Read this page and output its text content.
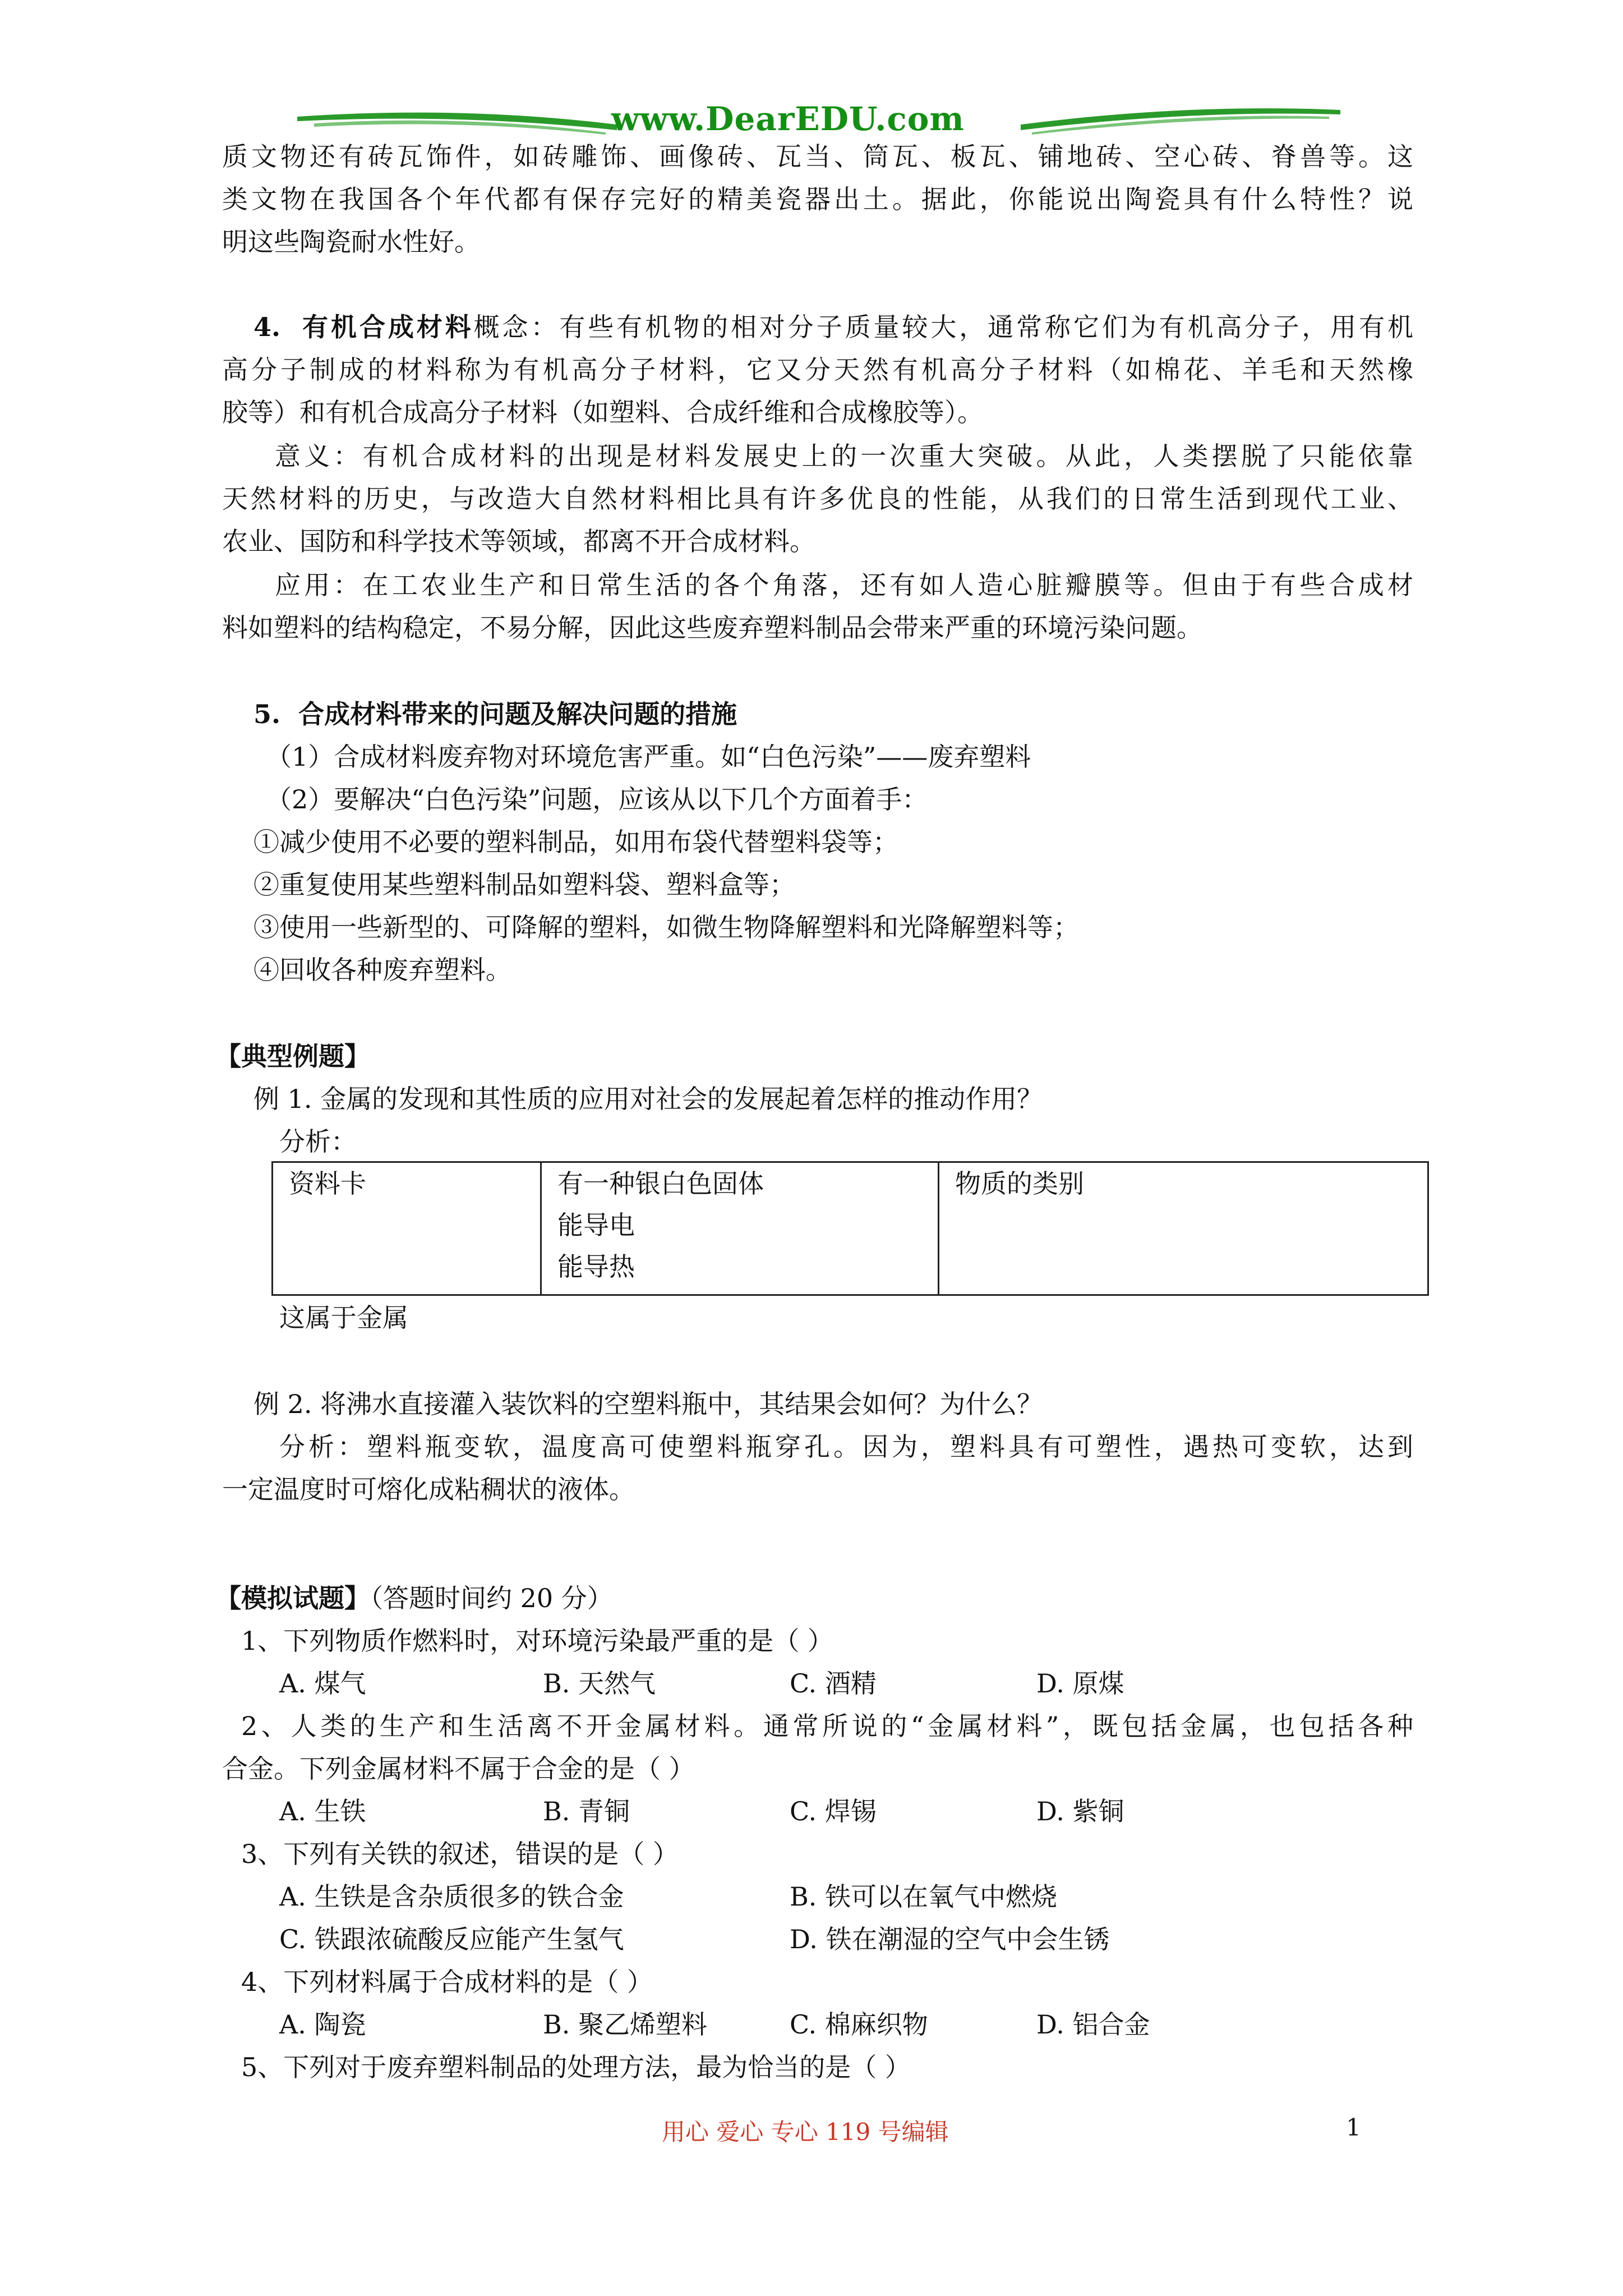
www.DearEDU.com
质文物还有砖瓦饰件，如砖雕饰、画像砖、瓦当、筒瓦、板瓦、铺地砖、空心砖、脊兽等。这
类文物在我国各个年代都有保存完好的精美瓷器出土。据此，你能说出陶瓷具有什么特性？说
明这些陶瓷耐水性好。
4. 有机合成材料概念：有些有机物的相对分子质量较大，通常称它们为有机高分子，用有机
高分子制成的材料称为有机高分子材料，它又分天然有机高分子材料（如棉花、羊毛和天然橡
胶等）和有机合成高分子材料（如塑料、合成纤维和合成橡胶等）。
意义：有机合成材料的出现是材料发展史上的一次重大突破。从此，人类摆脱了只能依靠
天然材料的历史，与改造大自然材料相比具有许多优良的性能，从我们的日常生活到现代工业、
农业、国防和科学技术等领域，都离不开合成材料。
应用：在工农业生产和日常生活的各个角落，还有如人造心脏瓣膜等。但由于有些合成材
料如塑料的结构稳定，不易分解，因此这些废弃塑料制品会带来严重的环境污染问题。
5. 合成材料带来的问题及解决问题的措施
（1）合成材料废弃物对环境危害严重。如“白色污染”——废弃塑料
（2）要解决“白色污染”问题，应该从以下几个方面着手：
①减少使用不必要的塑料制品，如用布袋代替塑料袋等；
②重复使用某些塑料制品如塑料袋、塑料盒等；
③使用一些新型的、可降解的塑料，如微生物降解塑料和光降解塑料等；
④回收各种废弃塑料。
【典型例题】
例 1. 金属的发现和其性质的应用对社会的发展起着怎样的推动作用？
分析：
资料卡	有一种银白色固体
能导电
能导热
	物质的类别
这属于金属
例 2. 将沸水直接灌入装饮料的空塑料瓶中，其结果会如何？为什么？
分析：塑料瓶变软，温度高可使塑料瓶穿孔。因为，塑料具有可塑性，遇热可变软，达到
一定温度时可熔化成粘稠状的液体。
【模拟试题】（答题时间约 20 分）
1、下列物质作燃料时，对环境污染最严重的是（ ）
A. 煤气	B. 天然气	C. 酒精	D. 原煤
2、人类的生产和生活离不开金属材料。通常所说的“金属材料”，既包括金属，也包括各种
合金。下列金属材料不属于合金的是（ ）
A. 生铁	B. 青铜	C. 焊锡	D. 紫铜
3、下列有关铁的叙述，错误的是（ ）
A. 生铁是含杂质很多的铁合金	B. 铁可以在氧气中燃烧
C. 铁跟浓硫酸反应能产生氢气	D. 铁在潮湿的空气中会生锈
4、下列材料属于合成材料的是（ ）
A. 陶瓷	B. 聚乙烯塑料	C. 棉麻织物	D. 铝合金
5、下列对于废弃塑料制品的处理方法，最为恰当的是（ ）
用心 爱心 专心 119 号编辑	1
